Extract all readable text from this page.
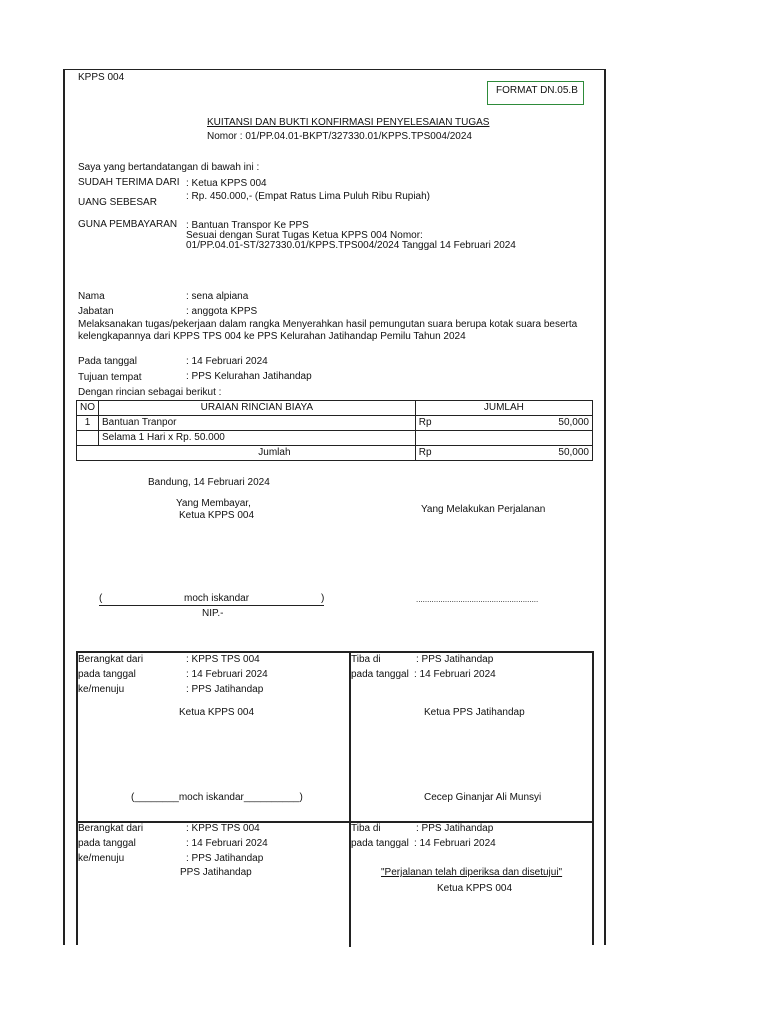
KPPS 004
FORMAT DN.05.B
KUITANSI DAN BUKTI KONFIRMASI PENYELESAIAN TUGAS
Nomor : 01/PP.04.01-BKPT/327330.01/KPPS.TPS004/2024
Saya yang bertandatangan di bawah ini :
SUDAH TERIMA DARI : Ketua KPPS 004
: Rp. 450.000,- (Empat Ratus Lima Puluh Ribu Rupiah)
UANG SEBESAR
GUNA PEMBAYARAN : Bantuan Transpor Ke PPS
Sesuai dengan Surat Tugas Ketua KPPS 004 Nomor:
01/PP.04.01-ST/327330.01/KPPS.TPS004/2024 Tanggal 14 Februari 2024
Nama	: sena alpiana
Jabatan	: anggota KPPS
Melaksanakan tugas/pekerjaan dalam rangka Menyerahkan hasil pemungutan suara berupa kotak suara beserta
kelengkapannya dari KPPS TPS 004 ke PPS Kelurahan Jatihandap Pemilu Tahun 2024
Pada tanggal	: 14 Februari 2024
Tujuan tempat	: PPS Kelurahan Jatihandap
Dengan rincian sebagai berikut :
NO	URAIAN RINCIAN BIAYA	JUMLAH	
1	Bantuan Tranpor	Rp	50,000
	Selama 1 Hari x Rp. 50.000		
Jumlah		Rp	50,000
Bandung, 14 Februari 2024
Yang Membayar,
Ketua KPPS 004
Yang Melakukan Perjalanan
(	moch iskandar	)
NIP.-
.......................................................
Berangkat dari	: KPPS TPS 004
pada tanggal	: 14 Februari 2024
ke/menuju	: PPS Jatihandap
Ketua KPPS 004
(________moch iskandar__________)
Tiba di	: PPS Jatihandap
pada tanggal : 14 Februari 2024
Ketua PPS Jatihandap
Cecep Ginanjar Ali Munsyi
Berangkat dari	: KPPS TPS 004
pada tanggal	: 14 Februari 2024
ke/menuju	: PPS Jatihandap
PPS Jatihandap
Tiba di	: PPS Jatihandap
pada tanggal : 14 Februari 2024
"Perjalanan telah diperiksa dan disetujui"
Ketua KPPS 004
